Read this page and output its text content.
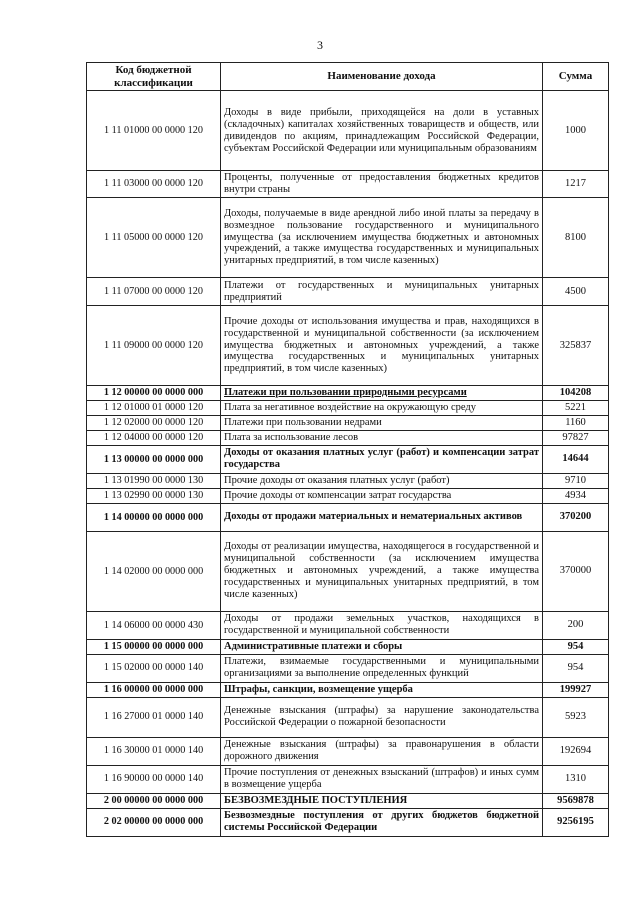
3
Код бюджетной классификации	Наименование дохода	Сумма
1 11 01000 00 0000 120	Доходы в виде прибыли, приходящейся на доли в уставных (складочных) капиталах хозяйственных товариществ и обществ, или дивидендов по акциям, принадлежащим Российской Федерации, субъектам Российской Федерации или муниципальным образованиям	1000
1 11 03000 00 0000 120	Проценты, полученные от предоставления бюджетных кредитов внутри страны	1217
1 11 05000 00 0000 120	Доходы, получаемые в виде арендной либо иной платы за передачу в возмездное пользование государственного и муниципального имущества (за исключением имущества бюджетных и автономных учреждений, а также имущества государственных и муниципальных унитарных предприятий, в том числе казенных)	8100
1 11 07000 00 0000 120	Платежи от государственных и муниципальных унитарных предприятий	4500
1 11 09000 00 0000 120	Прочие доходы от использования имущества и прав, находящихся в государственной и муниципальной собственности (за исключением имущества бюджетных и автономных учреждений, а также имущества государственных и муниципальных унитарных предприятий, в том числе казенных)	325837
1 12 00000 00 0000 000	Платежи при пользовании природными ресурсами	104208
1 12 01000 01 0000 120	Плата за негативное воздействие на окружающую среду	5221
1 12 02000 00 0000 120	Платежи при пользовании недрами	1160
1 12 04000 00 0000 120	Плата за использование лесов	97827
1 13 00000 00 0000 000	Доходы от оказания платных услуг (работ) и компенсации затрат государства	14644
1 13 01990 00 0000 130	Прочие доходы от оказания платных услуг (работ)	9710
1 13 02990 00 0000 130	Прочие доходы от компенсации затрат государства	4934
1 14 00000 00 0000 000	Доходы от продажи материальных и нематериальных активов	370200
1 14 02000 00 0000 000	Доходы от реализации имущества, находящегося в государственной и муниципальной собственности (за исключением имущества бюджетных и автономных учреждений, а также имущества государственных и муниципальных унитарных предприятий, в том числе казенных)	370000
1 14 06000 00 0000 430	Доходы от продажи земельных участков, находящихся в государственной и муниципальной собственности	200
1 15 00000 00 0000 000	Административные платежи и сборы	954
1 15 02000 00 0000 140	Платежи, взимаемые государственными и муниципальными организациями за выполнение определенных функций	954
1 16 00000 00 0000 000	Штрафы, санкции, возмещение ущерба	199927
1 16 27000 01 0000 140	Денежные взыскания (штрафы) за нарушение законодательства Российской Федерации о пожарной безопасности	5923
1 16 30000 01 0000 140	Денежные взыскания (штрафы) за правонарушения в области дорожного движения	192694
1 16 90000 00 0000 140	Прочие поступления от денежных взысканий (штрафов) и иных сумм в возмещение ущерба	1310
2 00 00000 00 0000 000	БЕЗВОЗМЕЗДНЫЕ ПОСТУПЛЕНИЯ	9569878
2 02 00000 00 0000 000	Безвозмездные поступления от других бюджетов бюджетной системы Российской Федерации	9256195
